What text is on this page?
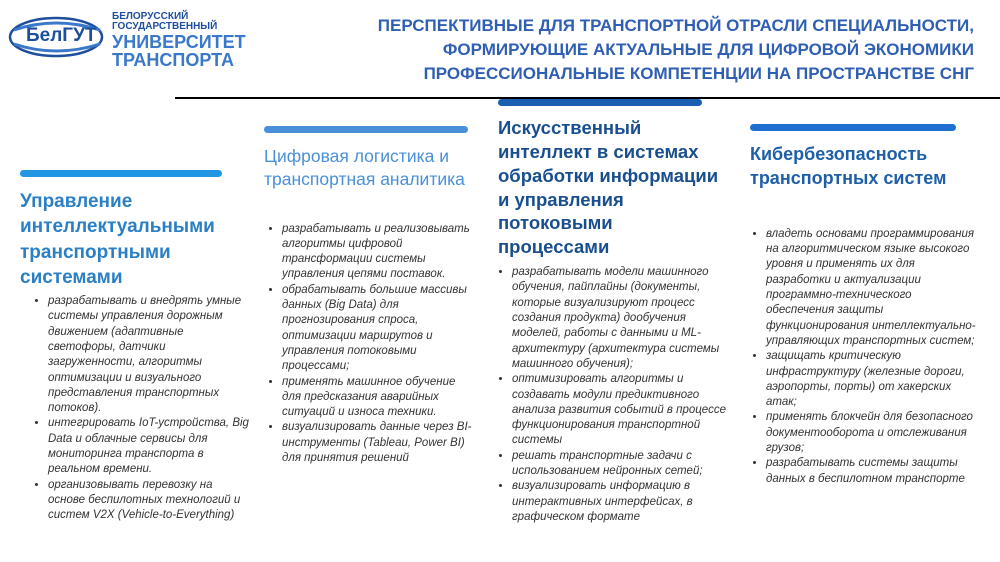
БелГУТ
БЕЛОРУССКИЙ
ГОСУДАРСТВЕННЫЙ
УНИВЕРСИТЕТ
ТРАНСПОРТА
ПЕРСПЕКТИВНЫЕ ДЛЯ ТРАНСПОРТНОЙ ОТРАСЛИ СПЕЦИАЛЬНОСТИ,
ФОРМИРУЮЩИЕ АКТУАЛЬНЫЕ ДЛЯ ЦИФРОВОЙ ЭКОНОМИКИ
ПРОФЕССИОНАЛЬНЫЕ КОМПЕТЕНЦИИ НА ПРОСТРАНСТВЕ СНГ
Управление интеллектуальными транспортными системами
• разрабатывать и внедрять умные системы управления дорожным движением (адаптивные светофоры, датчики загруженности, алгоритмы оптимизации и визуального представления транспортных потоков).
• интегрировать IoT-устройства, Big Data и облачные сервисы для мониторинга транспорта в реальном времени.
• организовывать перевозку на основе беспилотных технологий и систем V2X (Vehicle-to-Everything)
Цифровая логистика и транспортная аналитика
• разрабатывать и реализовывать алгоритмы цифровой трансформации системы управления цепями поставок.
• обрабатывать большие массивы данных (Big Data) для прогнозирования спроса, оптимизации маршрутов и управления потоковыми процессами;
• применять машинное обучение для предсказания аварийных ситуаций и износа техники.
• визуализировать данные через BI-инструменты (Tableau, Power BI) для принятия решений
Искусственный интеллект в системах обработки информации и управления потоковыми процессами
• разрабатывать модели машинного обучения, пайплайны (документы, которые визуализируют процесс создания продукта) дообучения моделей, работы с данными и ML-архитектуру (архитектура системы машинного обучения);
• оптимизировать алгоритмы и создавать модули предиктивного анализа развития событий в процессе функционирования транспортной системы
• решать транспортные задачи с использованием нейронных сетей;
• визуализировать информацию в интерактивных интерфейсах, в графическом формате
Кибербезопасность транспортных систем
• владеть основами программирования на алгоритмическом языке высокого уровня и применять их для разработки и актуализации программно-технического обеспечения защиты функционирования интеллектуально-управляющих транспортных систем;
• защищать критическую инфраструктуру (железные дороги, аэропорты, порты) от хакерских атак;
• применять блокчейн для безопасного документооборота и отслеживания грузов;
• разрабатывать системы защиты данных в беспилотном транспорте
